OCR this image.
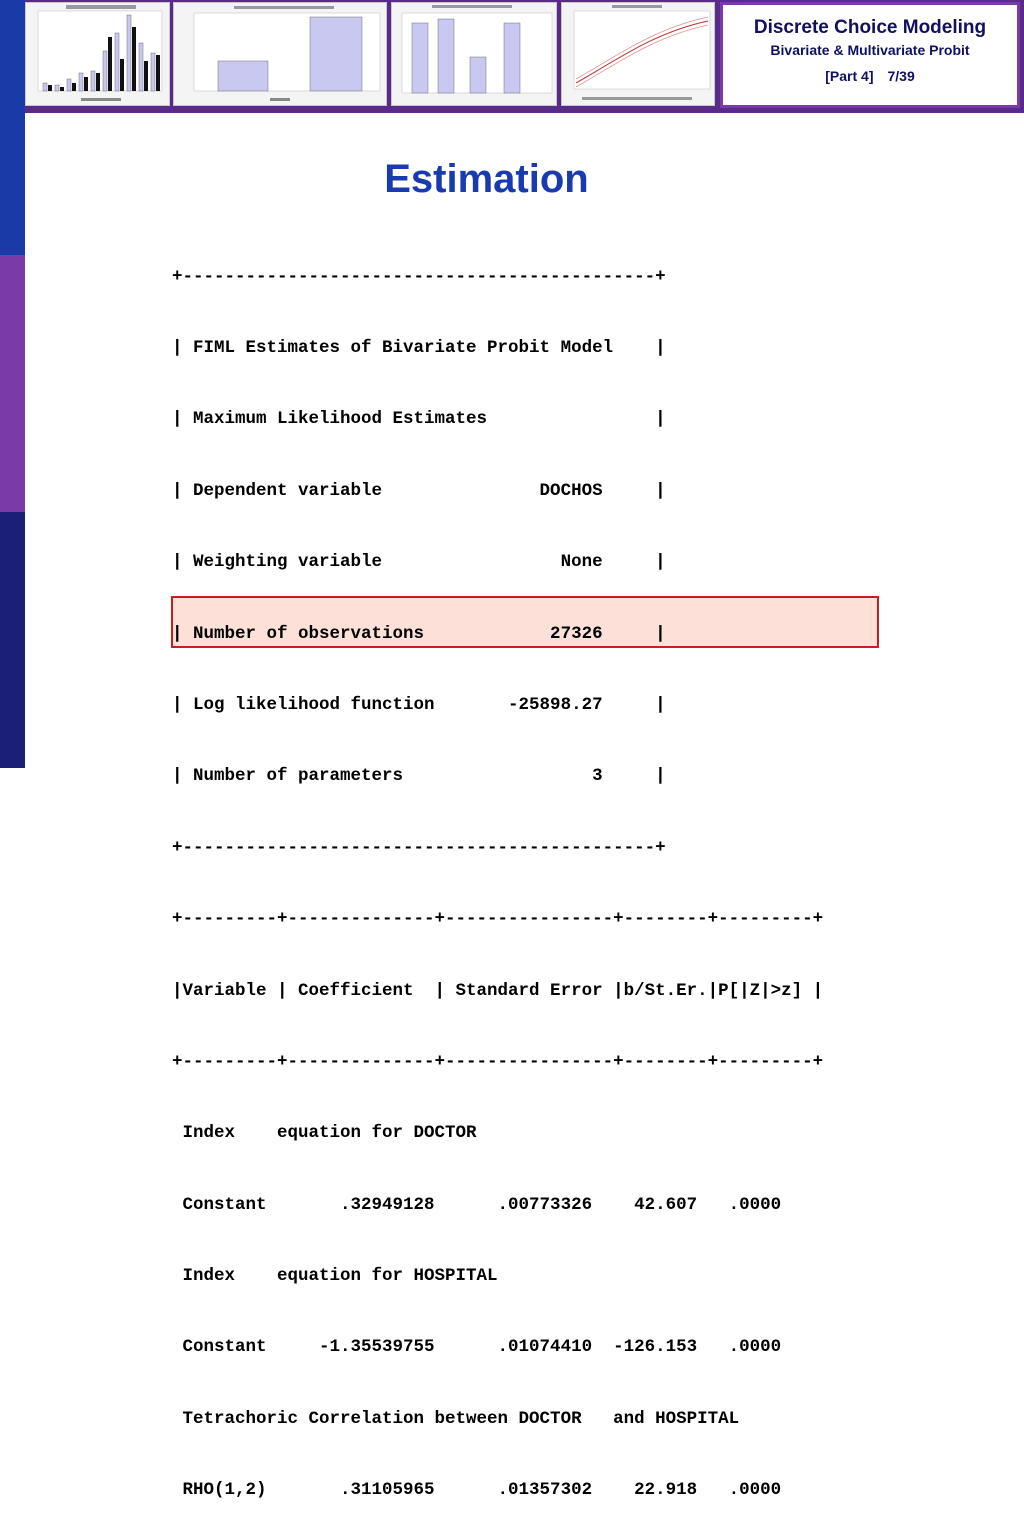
Discrete Choice Modeling
Bivariate & Multivariate Probit
[Part 4] 7/39
Estimation

+---------------------------------------------+

| FIML Estimates of Bivariate Probit Model    |

| Maximum Likelihood Estimates                |

| Dependent variable               DOCHOS     |

| Weighting variable                 None     |

| Number of observations            27326     |

| Log likelihood function       -25898.27     |

| Number of parameters                  3     |

+---------------------------------------------+

+---------+--------------+----------------+--------+---------+

|Variable | Coefficient  | Standard Error |b/St.Er.|P[|Z|>z] |

+---------+--------------+----------------+--------+---------+

Index    equation for DOCTOR

Constant       .32949128      .00773326    42.607   .0000

Index    equation for HOSPITAL

Constant     -1.35539755      .01074410  -126.153   .0000

Tetrachoric Correlation between DOCTOR   and HOSPITAL

RHO(1,2)       .31105965      .01357302    22.918   .0000
